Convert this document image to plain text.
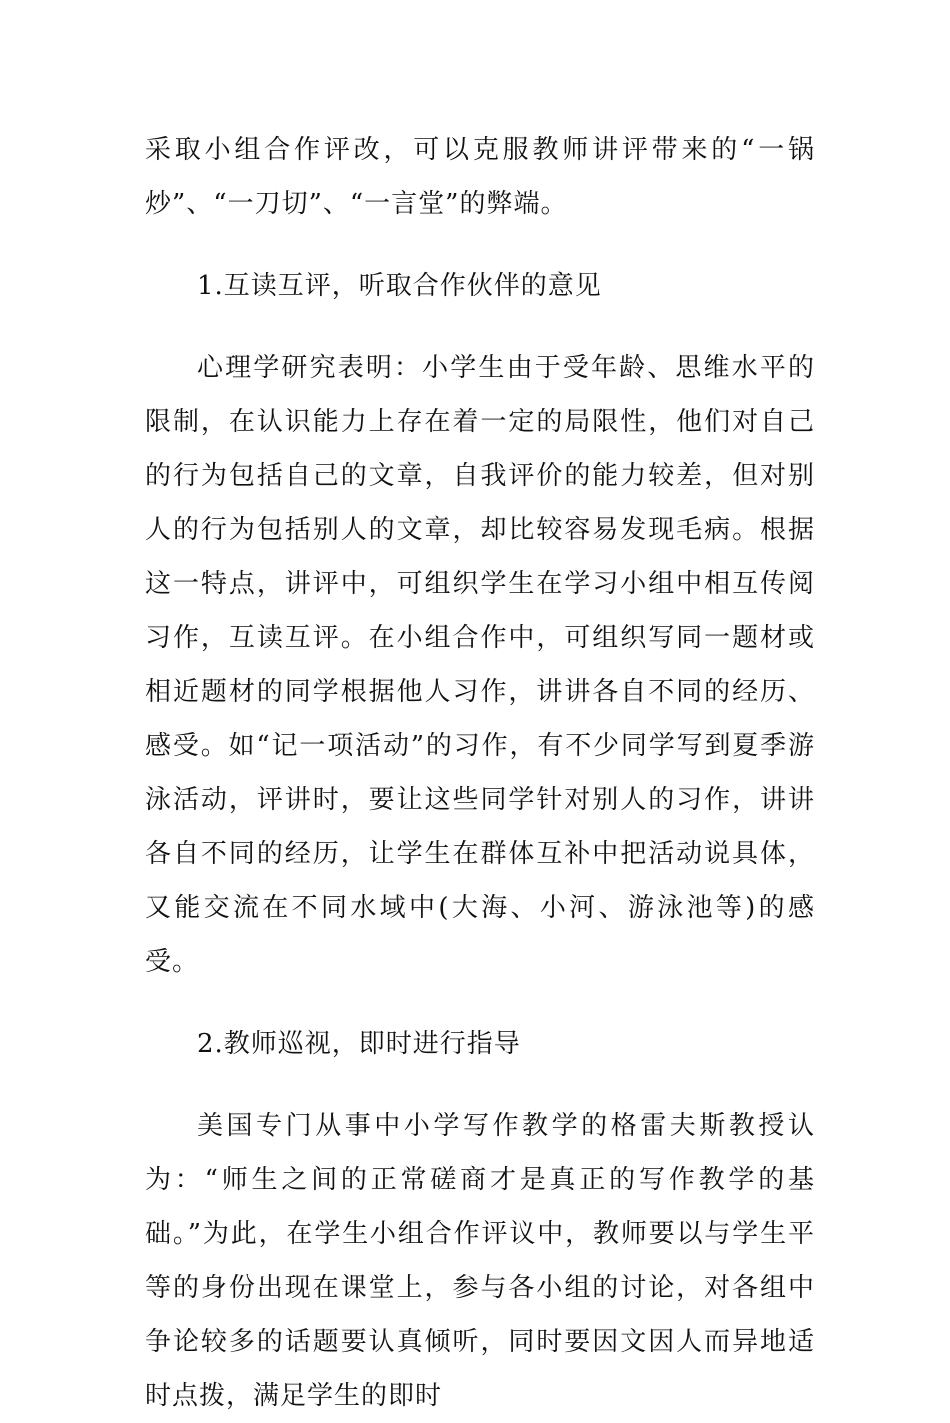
采取小组合作评改，可以克服教师讲评带来的“一锅炒”、“一刀切”、“一言堂”的弊端。

1.互读互评，听取合作伙伴的意见

心理学研究表明：小学生由于受年龄、思维水平的限制，在认识能力上存在着一定的局限性，他们对自己的行为包括自己的文章，自我评价的能力较差，但对别人的行为包括别人的文章，却比较容易发现毛病。根据这一特点，讲评中，可组织学生在学习小组中相互传阅习作，互读互评。在小组合作中，可组织写同一题材或相近题材的同学根据他人习作，讲讲各自不同的经历、感受。如“记一项活动”的习作，有不少同学写到夏季游泳活动，评讲时，要让这些同学针对别人的习作，讲讲各自不同的经历，让学生在群体互补中把活动说具体，又能交流在不同水域中(大海、小河、游泳池等)的感受。

2.教师巡视，即时进行指导

美国专门从事中小学写作教学的格雷夫斯教授认为：“师生之间的正常磋商才是真正的写作教学的基础。”为此，在学生小组合作评议中，教师要以与学生平等的身份出现在课堂上，参与各小组的讨论，对各组中争论较多的话题要认真倾听，同时要因文因人而异地适时点拨，满足学生的即时
